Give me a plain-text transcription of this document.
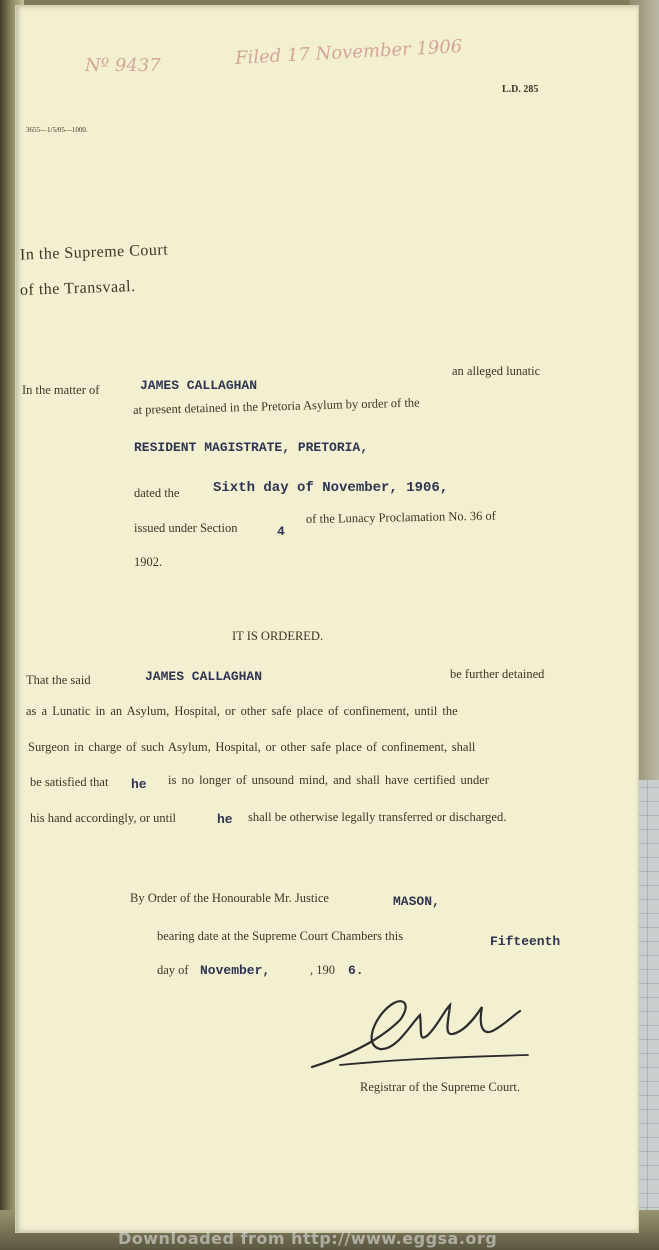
Nº 9437	Filed 17 November 1906
L.D. 285
3655—1/5/05—1000.
In the Supreme Court
of the Transvaal.
In the matter of	JAMES CALLAGHAN
an alleged lunatic
at present detained in the Pretoria Asylum by order of the
RESIDENT MAGISTRATE, PRETORIA,
dated the Sixth day of November, 1906,
issued under Section	4
of the Lunacy Proclamation No. 36 of
1902.
IT IS ORDERED.
That the said	JAMES CALLAGHAN	be further detained
as a Lunatic in an Asylum, Hospital, or other safe place of confinement, until the
Surgeon in charge of such Asylum, Hospital, or other safe place of confinement, shall
be satisfied that he is no longer of unsound mind, and shall have certified under
his hand accordingly, or until	he shall be otherwise legally transferred or discharged.
By Order of the Honourable Mr. Justice	MASON,
bearing date at the Supreme Court Chambers this	Fifteenth
day of November,	, 190 6.
Registrar of the Supreme Court.
Downloaded from http://www.eggsa.org
